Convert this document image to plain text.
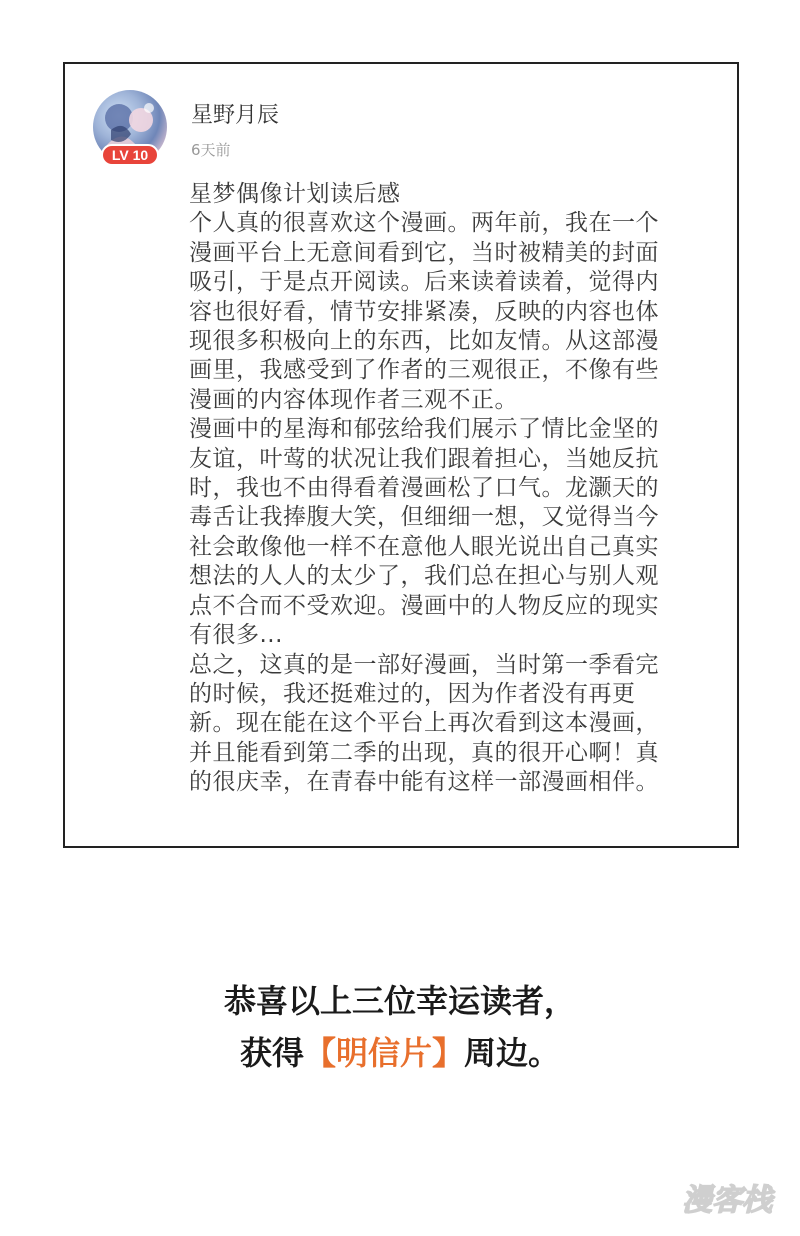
LV 10
星野月辰
6天前
星梦偶像计划读后感
个人真的很喜欢这个漫画。两年前，我在一个
漫画平台上无意间看到它，当时被精美的封面
吸引，于是点开阅读。后来读着读着，觉得内
容也很好看，情节安排紧凑，反映的内容也体
现很多积极向上的东西，比如友情。从这部漫
画里，我感受到了作者的三观很正，不像有些
漫画的内容体现作者三观不正。
漫画中的星海和郁弦给我们展示了情比金坚的
友谊，叶莺的状况让我们跟着担心，当她反抗
时，我也不由得看着漫画松了口气。龙灏天的
毒舌让我捧腹大笑，但细细一想，又觉得当今
社会敢像他一样不在意他人眼光说出自己真实
想法的人人的太少了，我们总在担心与别人观
点不合而不受欢迎。漫画中的人物反应的现实
有很多...
总之，这真的是一部好漫画，当时第一季看完
的时候，我还挺难过的，因为作者没有再更
新。现在能在这个平台上再次看到这本漫画，
并且能看到第二季的出现，真的很开心啊！真
的很庆幸，在青春中能有这样一部漫画相伴。
恭喜以上三位幸运读者，
获得【明信片】周边。
漫客栈
